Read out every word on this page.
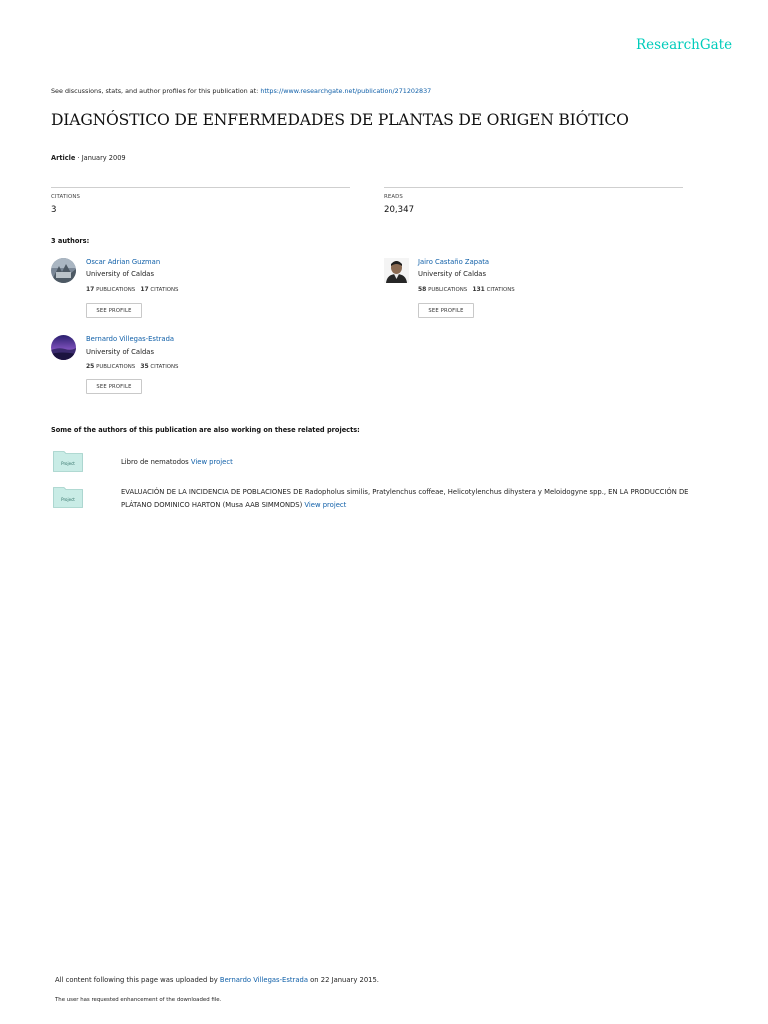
ResearchGate
See discussions, stats, and author profiles for this publication at: https://www.researchgate.net/publication/271202837
DIAGNÓSTICO DE ENFERMEDADES DE PLANTAS DE ORIGEN BIÓTICO
Article · January 2009
CITATIONS
3
READS
20,347
3 authors:
Oscar Adrian Guzman
University of Caldas
17 PUBLICATIONS 17 CITATIONS
SEE PROFILE
Jairo Castaño Zapata
University of Caldas
58 PUBLICATIONS 131 CITATIONS
SEE PROFILE
Bernardo Villegas-Estrada
University of Caldas
25 PUBLICATIONS 35 CITATIONS
SEE PROFILE
Some of the authors of this publication are also working on these related projects:
Project	Libro de nematodos View project
Project
EVALUACIÓN DE LA INCIDENCIA DE POBLACIONES DE Radopholus similis, Pratylenchus coffeae, Helicotylenchus dihystera y Meloidogyne spp., EN LA PRODUCCIÓN DE PLÁTANO DOMINICO HARTON (Musa AAB SIMMONDS) View project
All content following this page was uploaded by Bernardo Villegas-Estrada on 22 January 2015.
The user has requested enhancement of the downloaded file.
